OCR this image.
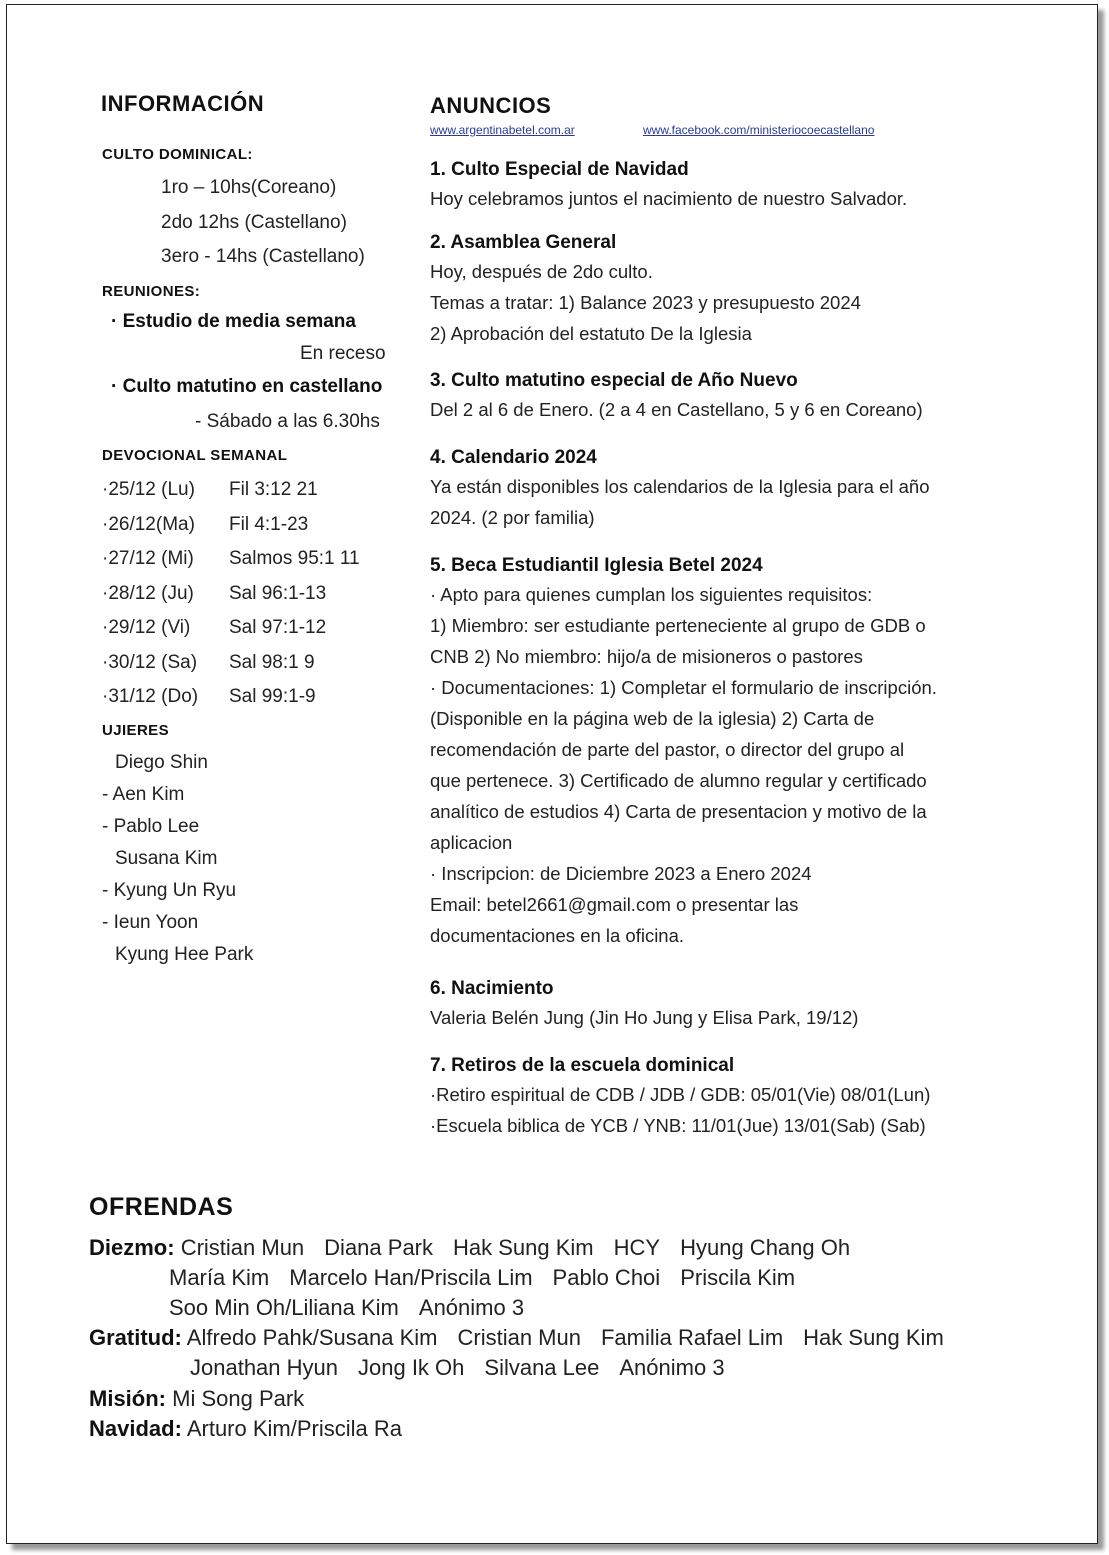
INFORMACIÓN
CULTO DOMINICAL:
1ro – 10hs(Coreano)
2do 12hs (Castellano)
3ero - 14hs (Castellano)
REUNIONES:
· Estudio de media semana
En receso
· Culto matutino en castellano
- Sábado a las 6.30hs
DEVOCIONAL SEMANAL
·25/12 (Lu) Fil 3:12 21
·26/12(Ma) Fil 4:1-23
·27/12 (Mi) Salmos 95:1 11
·28/12 (Ju) Sal 96:1-13
·29/12 (Vi) Sal 97:1-12
·30/12 (Sa) Sal 98:1 9
·31/12 (Do) Sal 99:1-9
UJIERES
Diego Shin
- Aen Kim
- Pablo Lee
Susana Kim
- Kyung Un Ryu
- Ieun Yoon
Kyung Hee Park
ANUNCIOS
www.argentinabetel.com.ar	www.facebook.com/ministeriocoecastellano
1. Culto Especial de Navidad
Hoy celebramos juntos el nacimiento de nuestro Salvador.
2. Asamblea General
Hoy, después de 2do culto.
Temas a tratar: 1) Balance 2023 y presupuesto 2024
2) Aprobación del estatuto De la Iglesia
3. Culto matutino especial de Año Nuevo
Del 2 al 6 de Enero. (2 a 4 en Castellano, 5 y 6 en Coreano)
4. Calendario 2024
Ya están disponibles los calendarios de la Iglesia para el año
2024. (2 por familia)
5. Beca Estudiantil Iglesia Betel 2024
· Apto para quienes cumplan los siguientes requisitos:
1) Miembro: ser estudiante perteneciente al grupo de GDB o
CNB 2) No miembro: hijo/a de misioneros o pastores
· Documentaciones: 1) Completar el formulario de inscripción.
(Disponible en la página web de la iglesia) 2) Carta de
recomendación de parte del pastor, o director del grupo al
que pertenece. 3) Certificado de alumno regular y certificado
analítico de estudios 4) Carta de presentacion y motivo de la
aplicacion
· Inscripcion: de Diciembre 2023 a Enero 2024
Email: betel2661@gmail.com o presentar las
documentaciones en la oficina.
6. Nacimiento
Valeria Belén Jung (Jin Ho Jung y Elisa Park, 19/12)
7. Retiros de la escuela dominical
·Retiro espiritual de CDB / JDB / GDB: 05/01(Vie) 08/01(Lun)
·Escuela biblica de YCB / YNB: 11/01(Jue) 13/01(Sab) (Sab)
OFRENDAS
Diezmo: Cristian Mun Diana Park Hak Sung Kim HCY Hyung Chang Oh
María Kim Marcelo Han/Priscila Lim Pablo Choi Priscila Kim
Soo Min Oh/Liliana Kim Anónimo 3
Gratitud: Alfredo Pahk/Susana Kim Cristian Mun Familia Rafael Lim Hak Sung Kim
Jonathan Hyun Jong Ik Oh Silvana Lee Anónimo 3
Misión: Mi Song Park
Navidad: Arturo Kim/Priscila Ra
